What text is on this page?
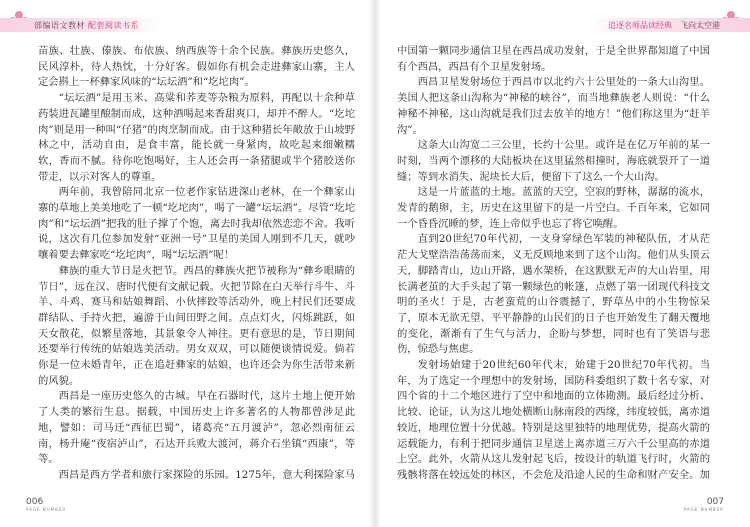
部编语文教材
配套阅读书系

苗族、壮族、傣族、布依族、纳西族等十余个民族。彝族历史悠久，民风淳朴，待人热忱，十分好客。假如你有机会走进彝家山寨，主人定会斟上一杯彝家风味的“坛坛酒”和“圪坨肉”。

“坛坛酒”是用玉米、高粱和荞麦等杂粮为原料，再配以十余种草药装进瓦罐里酿制而成，这种酒喝起来香甜爽口，却并不醉人。“圪坨肉”则是用一种叫“仔猪”的肉烹制而成。由于这种猪长年敞放于山坡野林之中，活动自由，是食丰富，能长就一身紧肉，故吃起来细嫩糯软，香而不腻。待你吃饱喝好，主人还会再一条猪腿或半个猪胶送你带走，以示对客人的尊重。

两年前，我曾陪同北京一位老作家钻进深山老林，在一个彝家山寨的草地上美美地吃了一顿“圪坨肉”，喝了一罐“坛坛酒”。尽管“圪坨肉”和“坛坛酒”把我的肚子撑了个饱，离去时我却依然恋恋不舍。我听说，这次有几位参加发射“亚洲一号”卫星的美国人刚到不几天，就吵嚷着要去彝家吃“圪坨肉”，喝“坛坛酒”呢！

彝族的重大节日是火把节。西昌的彝族火把节被称为“彝乡眼睛的节日”，远在汉、唐时代便有文献记载。火把节除在白天举行斗牛、斗羊、斗鸡、赛马和姑娘舞蹈、小伙摔跤等活动外，晚上村民们还要成群结队、手持火把，遍游于山间田野之间。点点灯火，闪烁跳跃，如天女散花，似繁星落地，其景象令人神往。更有意思的是，节日期间还要举行传统的姑娘选美活动。男女双双，可以随便谈情说爱。倘若你是一位未婚青年，正在追赶彝家的姑娘，也许还会为你生活带来新的风貌。

西昌是一座历史悠久的古城。早在石器时代，这片土地上便开始了人类的繁衍生息。据载，中国历史上许多著名的人物都曾涉足此地，譬如：司马迁“西征巴蜀”，诸葛亮“五月渡泸”，忽必烈南征云南，杨升庵“夜宿泸山”，石达开兵败大渡河，蒋介石坐镇“西康”，等等。

西昌是西方学者和旅行家探险的乐园。1275年，意大利探险家马

006
PAGE NUMBER
追逐名师品读经典 飞向太空港

中国第一颗同步通信卫星在西昌成功发射，于是全世界都知道了中国有个西昌，西昌有个卫星发射场。

西昌卫星发射场位于西昌市以北约六十公里处的一条大山沟里。美国人把这条山沟称为“神秘的峡谷”，而当地彝族老人则说：“什么神秘不神秘，这山沟就是我们过去放羊的地方！”他们称这里为“赶羊沟”。

这条大山沟宽二三公里，长约十公里。或许是在亿万年前的某一时刻，当两个漂移的大陆板块在这里猛然相撞时，海底就裂开了一道缝；等到水消失、泥块长大后，便留下了这么一个大山沟。

这是一片蓝蓝的土地。蓝蓝的天空，空寂的野林，潺潺的流水，发青的鹅卵，主，历史在这里留下的是一片空白。千百年来，它如同一个昏昏沉睡的梦，连上帝似乎也忘了将它唤醒。

直到20世纪70年代初，一支身穿绿色军装的神秘队伍，才从茫茫大戈壁浩浩荡荡而来，义无反顾地来到了这个山沟。他们从头顶云天，脚踏青山，边山开路，遇水架桥，在这默默无声的大山岩里，用长满老茧的大手头起了第一颗绿色的帐篷，点燃了第一团现代科技文明的圣火！于是，古老蛮荒的山谷震撼了，野草丛中的小生物惊呆了，原本无欲无望、平平静静的山民们的日子也开始发生了翻天覆地的变化，渐渐有了生气与活力，企盼与梦想，同时也有了笑语与悲伤，惊恐与焦虑。

发射场始建于20世纪60年代末，始建于20世纪70年代初。当年，为了选定一个理想中的发射场，国防科委组织了数十名专家，对四个省的十二个地区进行了空中和地面的立体勘测。最后经过分析、比较、论证，认为这儿地处横断山脉南段的西缘，纬度较低，离赤道较近，地理位置十分优越。特别是这里独特的地理优势，提高火箭的运载能力，有利于把同步通信卫星送上离赤道三万六千公里高的赤道上空。此外，火箭从这儿发射起飞后，按设计的轨道飞行时，火箭的残骸将落在较远处的林区，不会危及沿途人民的生命和财产安全。加

007
PAGE NUMBER
